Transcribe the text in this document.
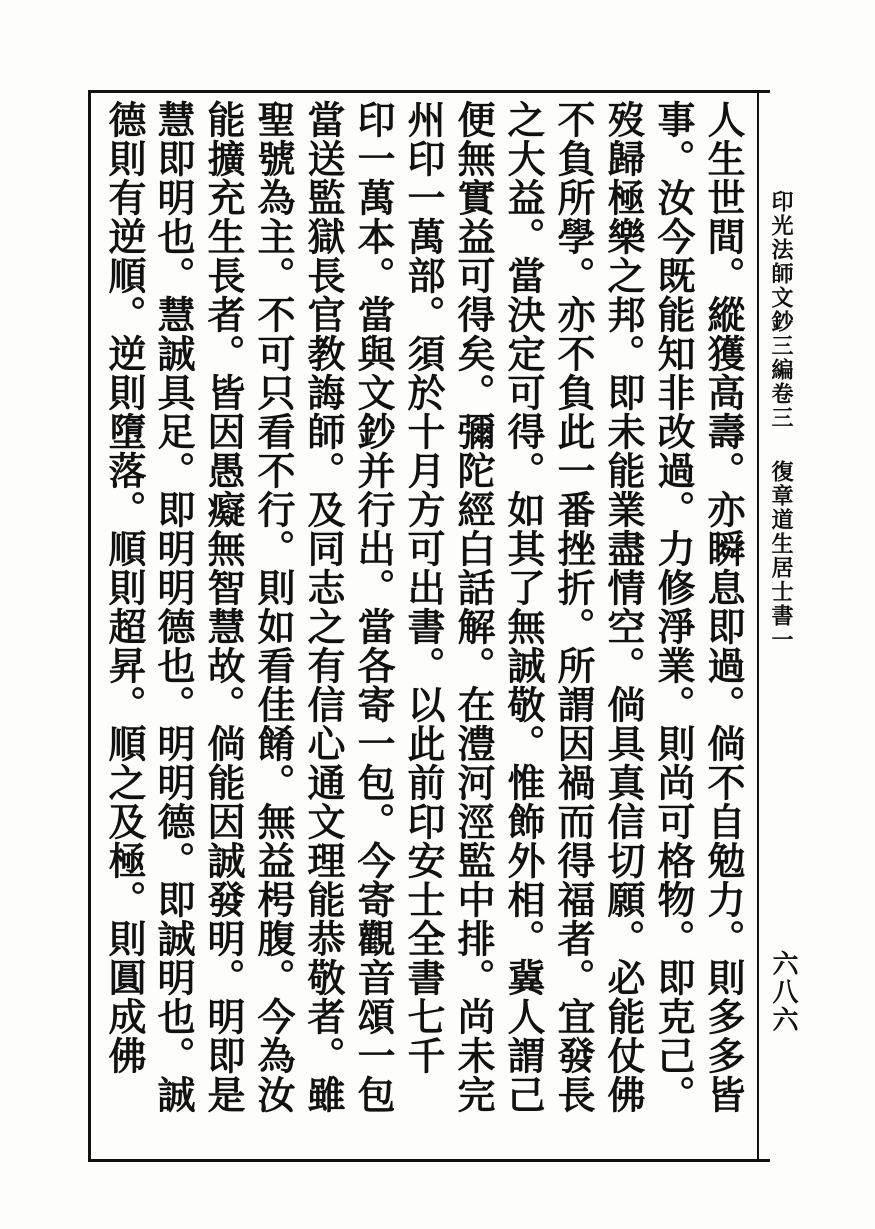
印光法師文鈔三編卷三
復章道生居士書一
六八六
人生世間。縱獲高壽。亦瞬息即過。倘不自勉力。則多多皆
事。汝今既能知非改過。力修淨業。則尚可格物。即克己。
歿歸極樂之邦。即未能業盡情空。倘具真信切願。必能仗佛
不負所學。亦不負此一番挫折。所謂因禍而得福者。宜發長
之大益。當決定可得。如其了無誠敬。惟飾外相。冀人謂己
便無實益可得矣。彌陀經白話解。在澧河涇監中排。尚未完
州印一萬部。須於十月方可出書。以此前印安士全書七千
印一萬本。當與文鈔并行出。當各寄一包。今寄觀音頌一包
當送監獄長官教誨師。及同志之有信心通文理能恭敬者。雖
聖號為主。不可只看不行。則如看佳餚。無益枵腹。今為汝
能擴充生長者。皆因愚癡無智慧故。倘能因誠發明。明即是
慧即明也。慧誠具足。即明明德也。明明德。即誠明也。誠
德則有逆順。逆則墮落。順則超昇。順之及極。則圓成佛
